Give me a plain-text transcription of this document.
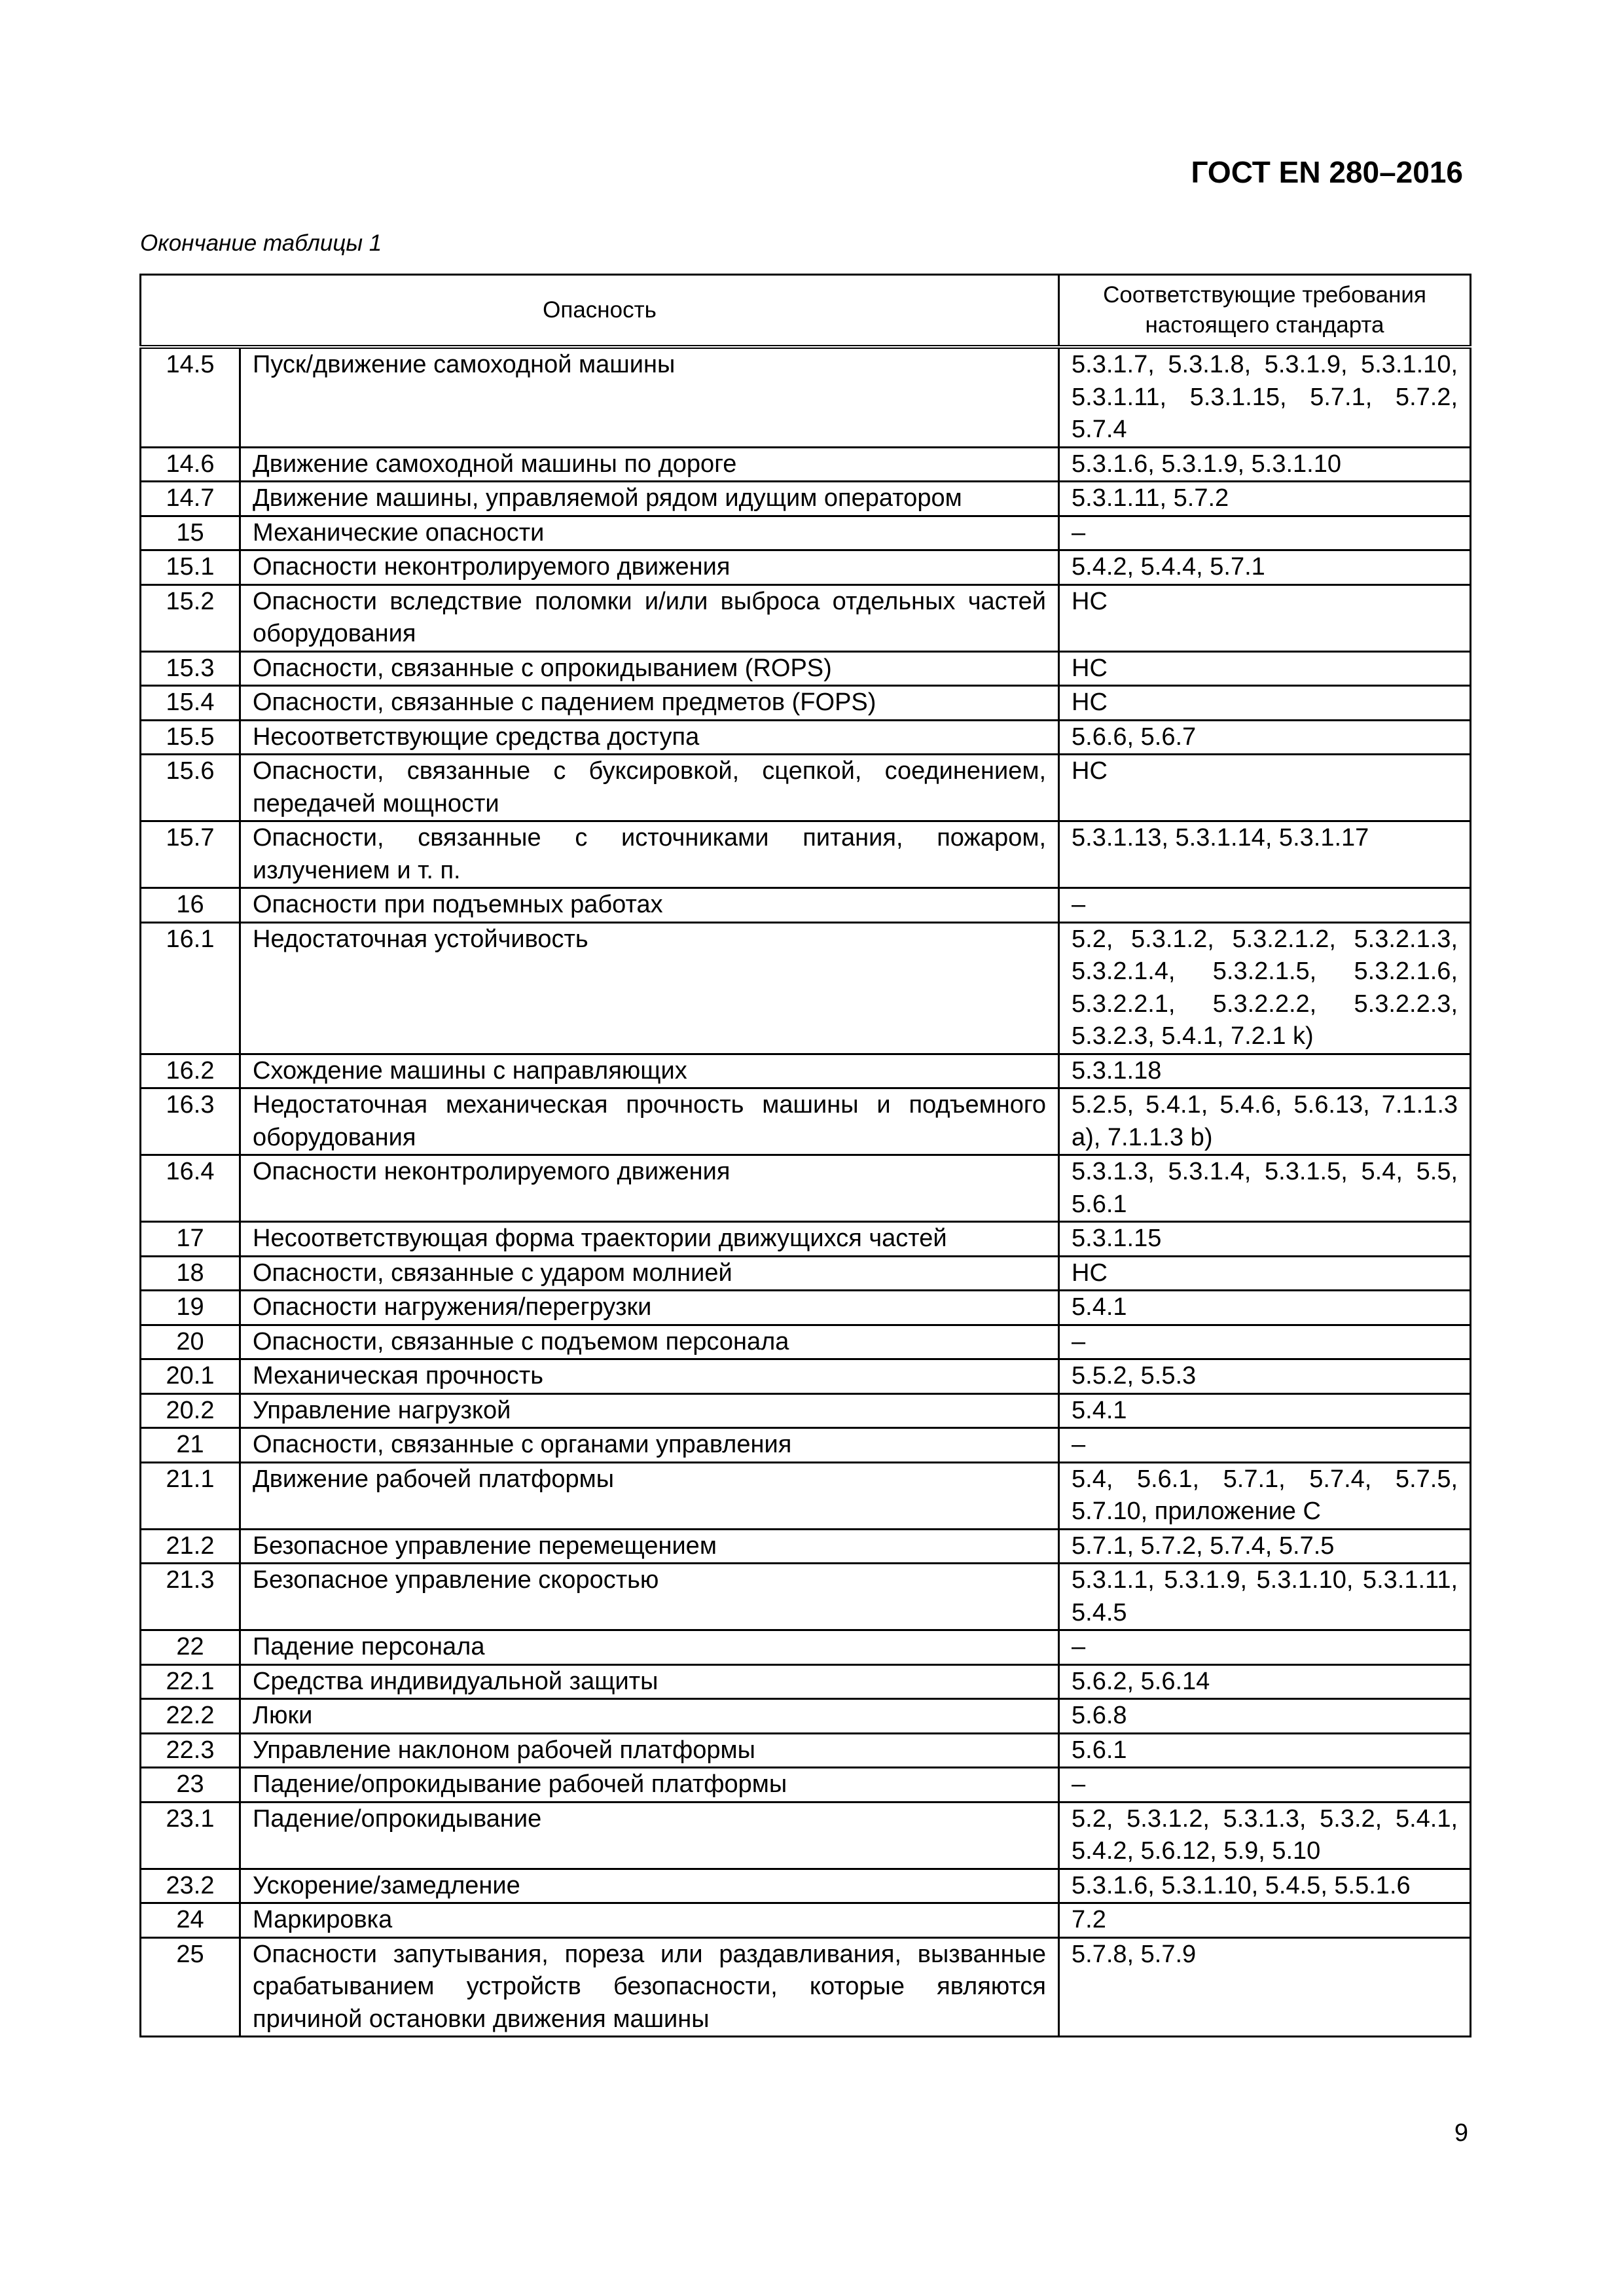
ГОСТ EN 280–2016
Окончание таблицы 1
Опасность		Соответствующие требования настоящего стандарта
14.5	Пуск/движение самоходной машины	5.3.1.7, 5.3.1.8, 5.3.1.9, 5.3.1.10, 5.3.1.11, 5.3.1.15, 5.7.1, 5.7.2, 5.7.4
14.6	Движение самоходной машины по дороге	5.3.1.6, 5.3.1.9, 5.3.1.10
14.7	Движение машины, управляемой рядом идущим оператором	5.3.1.11, 5.7.2
15	Механические опасности	–
15.1	Опасности неконтролируемого движения	5.4.2, 5.4.4, 5.7.1
15.2	Опасности вследствие поломки и/или выброса отдельных частей оборудования	НС
15.3	Опасности, связанные с опрокидыванием (ROPS)	НС
15.4	Опасности, связанные с падением предметов (FOPS)	НС
15.5	Несоответствующие средства доступа	5.6.6, 5.6.7
15.6	Опасности, связанные с буксировкой, сцепкой, соединением, передачей мощности	НС
15.7	Опасности, связанные с источниками питания, пожаром, излучением и т. п.	5.3.1.13, 5.3.1.14, 5.3.1.17
16	Опасности при подъемных работах	–
16.1	Недостаточная устойчивость	5.2, 5.3.1.2, 5.3.2.1.2, 5.3.2.1.3, 5.3.2.1.4, 5.3.2.1.5, 5.3.2.1.6, 5.3.2.2.1, 5.3.2.2.2, 5.3.2.2.3, 5.3.2.3, 5.4.1, 7.2.1 k)
16.2	Схождение машины с направляющих	5.3.1.18
16.3	Недостаточная механическая прочность машины и подъемного оборудования	5.2.5, 5.4.1, 5.4.6, 5.6.13, 7.1.1.3 a), 7.1.1.3 b)
16.4	Опасности неконтролируемого движения	5.3.1.3, 5.3.1.4, 5.3.1.5, 5.4, 5.5, 5.6.1
17	Несоответствующая форма траектории движущихся частей	5.3.1.15
18	Опасности, связанные с ударом молнией	НС
19	Опасности нагружения/перегрузки	5.4.1
20	Опасности, связанные с подъемом персонала	–
20.1	Механическая прочность	5.5.2, 5.5.3
20.2	Управление нагрузкой	5.4.1
21	Опасности, связанные с органами управления	–
21.1	Движение рабочей платформы	5.4, 5.6.1, 5.7.1, 5.7.4, 5.7.5, 5.7.10, приложение С
21.2	Безопасное управление перемещением	5.7.1, 5.7.2, 5.7.4, 5.7.5
21.3	Безопасное управление скоростью	5.3.1.1, 5.3.1.9, 5.3.1.10, 5.3.1.11, 5.4.5
22	Падение персонала	–
22.1	Средства индивидуальной защиты	5.6.2, 5.6.14
22.2	Люки	5.6.8
22.3	Управление наклоном рабочей платформы	5.6.1
23	Падение/опрокидывание рабочей платформы	–
23.1	Падение/опрокидывание	5.2, 5.3.1.2, 5.3.1.3, 5.3.2, 5.4.1, 5.4.2, 5.6.12, 5.9, 5.10
23.2	Ускорение/замедление	5.3.1.6, 5.3.1.10, 5.4.5, 5.5.1.6
24	Маркировка	7.2
25	Опасности запутывания, пореза или раздавливания, вызванные срабатыванием устройств безопасности, которые являются причиной остановки движения машины	5.7.8, 5.7.9
9
